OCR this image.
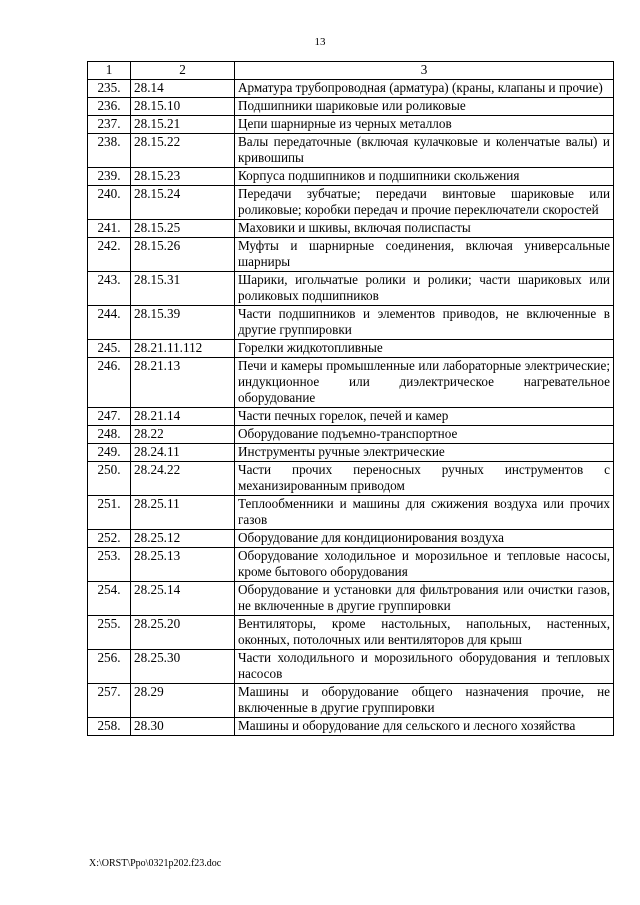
13
1	2	3
235.	28.14	Арматура трубопроводная (арматура) (краны, клапаны и прочие)
236.	28.15.10	Подшипники шариковые или роликовые
237.	28.15.21	Цепи шарнирные из черных металлов
238.	28.15.22	Валы передаточные (включая кулачковые и коленчатые валы) и кривошипы
239.	28.15.23	Корпуса подшипников и подшипники скольжения
240.	28.15.24	Передачи зубчатые; передачи винтовые шариковые или роликовые; коробки передач и прочие переключатели скоростей
241.	28.15.25	Маховики и шкивы, включая полиспасты
242.	28.15.26	Муфты и шарнирные соединения, включая универсальные шарниры
243.	28.15.31	Шарики, игольчатые ролики и ролики; части шариковых или роликовых подшипников
244.	28.15.39	Части подшипников и элементов приводов, не включенные в другие группировки
245.	28.21.11.112	Горелки жидкотопливные
246.	28.21.13	Печи и камеры промышленные или лабораторные электрические; индукционное или диэлектрическое нагревательное оборудование
247.	28.21.14	Части печных горелок, печей и камер
248.	28.22	Оборудование подъемно-транспортное
249.	28.24.11	Инструменты ручные электрические
250.	28.24.22	Части прочих переносных ручных инструментов с механизированным приводом
251.	28.25.11	Теплообменники и машины для сжижения воздуха или прочих газов
252.	28.25.12	Оборудование для кондиционирования воздуха
253.	28.25.13	Оборудование холодильное и морозильное и тепловые насосы, кроме бытового оборудования
254.	28.25.14	Оборудование и установки для фильтрования или очистки газов, не включенные в другие группировки
255.	28.25.20	Вентиляторы, кроме настольных, напольных, настенных, оконных, потолочных или вентиляторов для крыш
256.	28.25.30	Части холодильного и морозильного оборудования и тепловых насосов
257.	28.29	Машины и оборудование общего назначения прочие, не включенные в другие группировки
258.	28.30	Машины и оборудование для сельского и лесного хозяйства
X:\ORST\Ppo\0321p202.f23.doc
